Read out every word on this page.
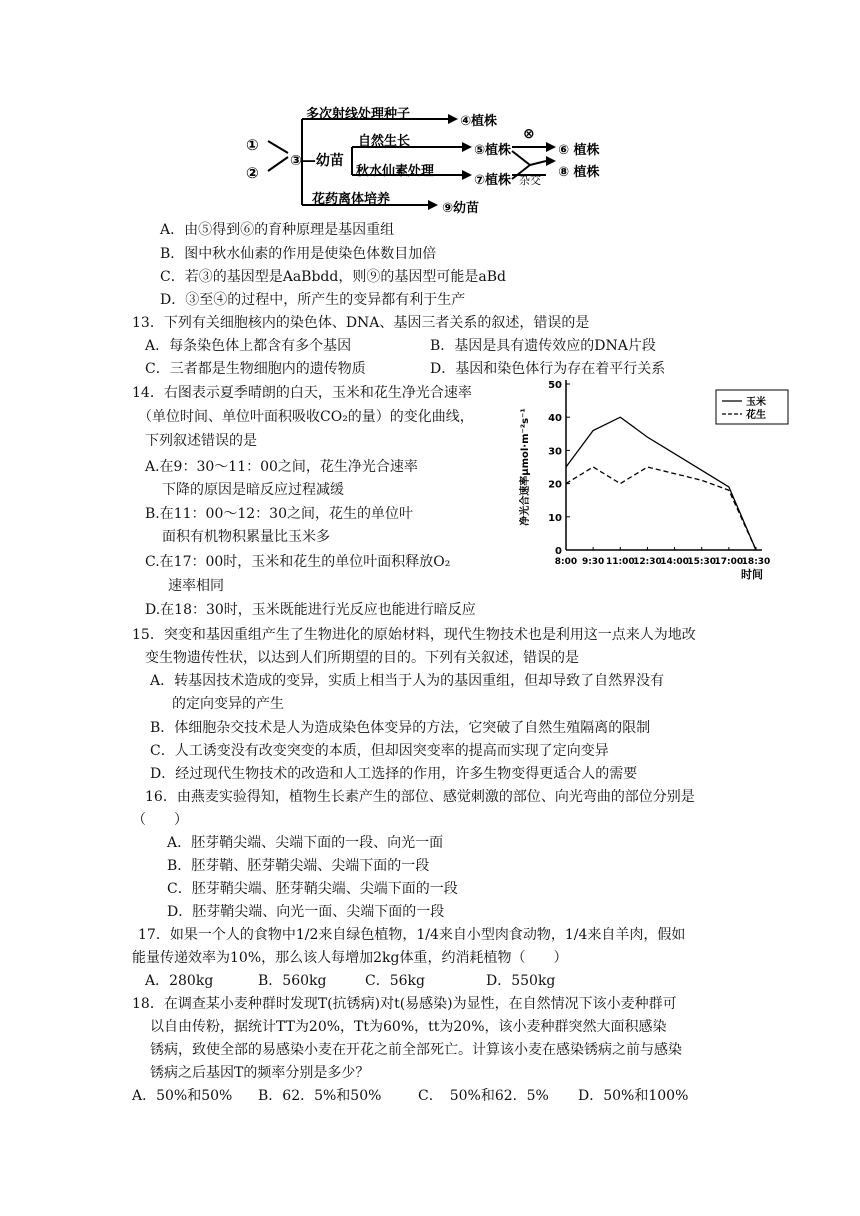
①
②
③—幼苗
多次射线处理种子	④植株
自然生长
⑤植株
秋水仙素处理
⑦植株
⊗
⑥ 植株
⑧ 植株
杂交
花药离体培养
⑨幼苗
A．由⑤得到⑥的育种原理是基因重组
B．图中秋水仙素的作用是使染色体数目加倍
C．若③的基因型是AaBbdd，则⑨的基因型可能是aBd
D．③至④的过程中，所产生的变异都有利于生产
13．下列有关细胞核内的染色体、DNA、基因三者关系的叙述，错误的是
A．每条染色体上都含有多个基因	B．基因是具有遗传效应的DNA片段
C．三者都是生物细胞内的遗传物质	D．基因和染色体行为存在着平行关系
14．右图表示夏季晴朗的白天，玉米和花生净光合速率
（单位时间、单位叶面积吸收CO₂的量）的变化曲线，
下列叙述错误的是
A.在9：30～11：00之间，花生净光合速率
下降的原因是暗反应过程减缓
B.在11：00～12：30之间，花生的单位叶
面积有机物积累量比玉米多
C.在17：00时，玉米和花生的单位叶面积释放O₂
速率相同
D.在18：30时，玉米既能进行光反应也能进行暗反应
0
10
20
30
40
50
8:00 9:30 11:00
12:30
14:00
15:30
17:00
18:30
时间
净光合速率μmol·m⁻²s⁻¹
玉米
花生
15．突变和基因重组产生了生物进化的原始材料，现代生物技术也是利用这一点来人为地改
变生物遗传性状，以达到人们所期望的目的。下列有关叙述，错误的是
A．转基因技术造成的变异，实质上相当于人为的基因重组，但却导致了自然界没有
的定向变异的产生
B．体细胞杂交技术是人为造成染色体变异的方法，它突破了自然生殖隔离的限制
C．人工诱变没有改变突变的本质，但却因突变率的提高而实现了定向变异
D．经过现代生物技术的改造和人工选择的作用，许多生物变得更适合人的需要
16．由燕麦实验得知，植物生长素产生的部位、感觉刺激的部位、向光弯曲的部位分别是
（　　）
A．胚芽鞘尖端、尖端下面的一段、向光一面
B．胚芽鞘、胚芽鞘尖端、尖端下面的一段
C．胚芽鞘尖端、胚芽鞘尖端、尖端下面的一段
D．胚芽鞘尖端、向光一面、尖端下面的一段
17．如果一个人的食物中1/2来自绿色植物，1/4来自小型肉食动物，1/4来自羊肉，假如
能量传递效率为10%，那么该人每增加2kg体重，约消耗植物（　　）
A．280kg	B．560kg	C．56kg	D．550kg
18．在调查某小麦种群时发现T(抗锈病)对t(易感染)为显性，在自然情况下该小麦种群可
以自由传粉，据统计TT为20%，Tt为60%，tt为20%，该小麦种群突然大面积感染
锈病，致使全部的易感染小麦在开花之前全部死亡。计算该小麦在感染锈病之前与感染
锈病之后基因T的频率分别是多少？
A．50%和50% B．62．5%和50%	C．　50%和62．5% D．50%和100%
